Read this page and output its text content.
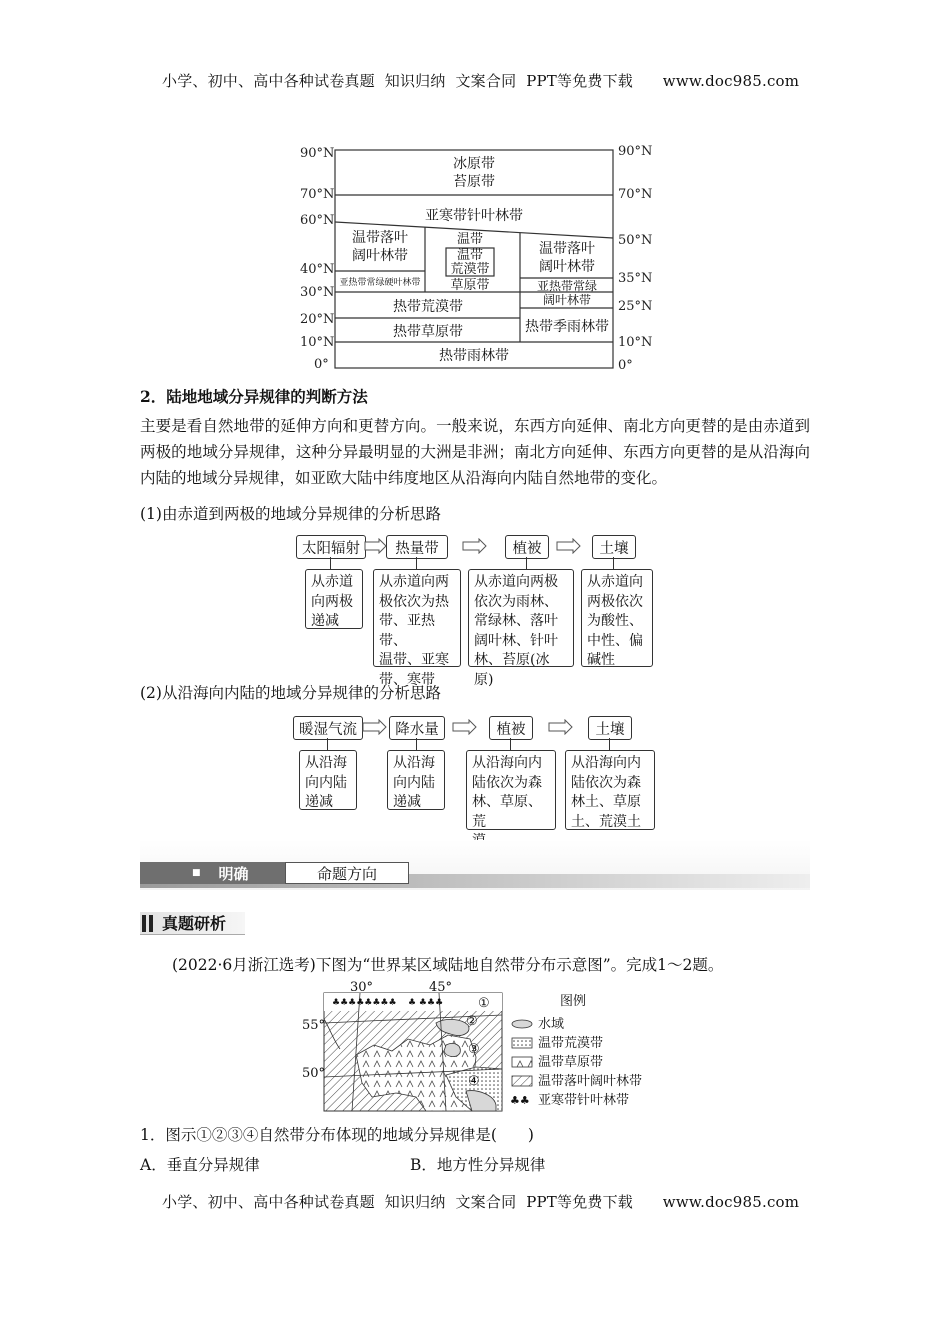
小学、初中、高中各种试卷真题  知识归纳  文案合同  PPT等免费下载      www.doc985.com
90°N
70°N
60°N
40°N
30°N
20°N
10°N
0°
90°N
70°N
50°N
35°N
25°N
10°N
0°
冰原带
苔原带
亚寒带针叶林带
温带落叶
阔叶林带
亚热带常绿硬叶林带
温带
温带
荒漠带
草原带
温带落叶
阔叶林带
亚热带常绿
阔叶林带
热带荒漠带
热带草原带	热带季雨林带
热带雨林带
2．陆地地域分异规律的判断方法
主要是看自然地带的延伸方向和更替方向。一般来说，东西方向延伸、南北方向更替的是由赤道到两极的地域分异规律，这种分异最明显的大洲是非洲；南北方向延伸、东西方向更替的是从沿海向内陆的地域分异规律，如亚欧大陆中纬度地区从沿海向内陆自然地带的变化。
(1)由赤道到两极的地域分异规律的分析思路
太阳辐射	热量带	植被	土壤
从赤道
向两极
递减
从赤道向两
极依次为热
带、亚热带、
温带、亚寒
带、寒带
从赤道向两极
依次为雨林、
常绿林、落叶
阔叶林、针叶
林、苔原(冰原)
从赤道向
两极依次
为酸性、
中性、偏
碱性
(2)从沿海向内陆的地域分异规律的分析思路
暖湿气流	降水量	植被	土壤
从沿海
向内陆
递减
从沿海
向内陆
递减
从沿海向内
陆依次为森
林、草原、荒
从沿海向内
陆依次为森
林土、草原
土、荒漠土
■ 明确	命题方向
真题研析
(2022·6月浙江选考)下图为“世界某区域陆地自然带分布示意图”。完成1～2题。
♣♣♣♣♣♣♣♣ ♣ ♣♣♣
30°	45°
55°
50°
①
②
③
④
图例
水域
温带荒漠带
温带草原带
温带落叶阔叶林带
♣♣ 亚寒带针叶林带
1．图示①②③④自然带分布体现的地域分异规律是(　　)
A．垂直分异规律	B．地方性分异规律
小学、初中、高中各种试卷真题  知识归纳  文案合同  PPT等免费下载      www.doc985.com
